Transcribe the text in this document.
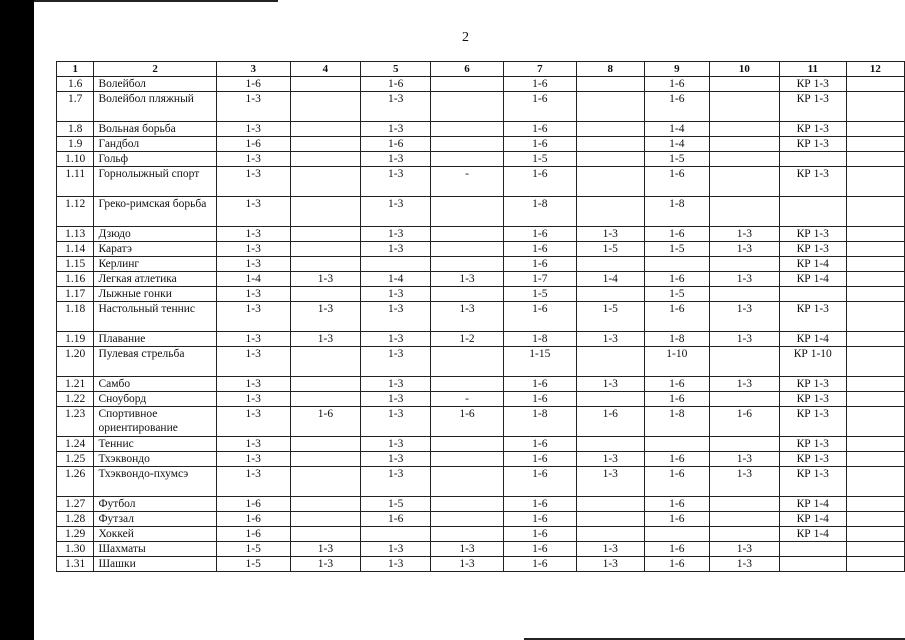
2
1	2	3	4	5	6	7	8	9	10	11	12
1.6	Волейбол	1-6		1-6		1-6		1-6		КР 1-3	
1.7	Волейбол пляжный	1-3		1-3		1-6		1-6		КР 1-3	
1.8	Вольная борьба	1-3		1-3		1-6		1-4		КР 1-3	
1.9	Гандбол	1-6		1-6		1-6		1-4		КР 1-3	
1.10	Гольф	1-3		1-3		1-5		1-5			
1.11	Горнолыжный спорт	1-3		1-3	-	1-6		1-6		КР 1-3	
1.12	Греко-римская борьба	1-3		1-3		1-8		1-8			
1.13	Дзюдо	1-3		1-3		1-6	1-3	1-6	1-3	КР 1-3	
1.14	Каратэ	1-3		1-3		1-6	1-5	1-5	1-3	КР 1-3	
1.15	Керлинг	1-3				1-6				КР 1-4	
1.16	Легкая атлетика	1-4	1-3	1-4	1-3	1-7	1-4	1-6	1-3	КР 1-4	
1.17	Лыжные гонки	1-3		1-3		1-5		1-5			
1.18	Настольный теннис	1-3	1-3	1-3	1-3	1-6	1-5	1-6	1-3	КР 1-3	
1.19	Плавание	1-3	1-3	1-3	1-2	1-8	1-3	1-8	1-3	КР 1-4	
1.20	Пулевая стрельба	1-3		1-3		1-15		1-10		КР 1-10	
1.21	Самбо	1-3		1-3		1-6	1-3	1-6	1-3	КР 1-3	
1.22	Сноуборд	1-3		1-3	-	1-6		1-6		КР 1-3	
1.23	Спортивное ориентирование	1-3	1-6	1-3	1-6	1-8	1-6	1-8	1-6	КР 1-3	
1.24	Теннис	1-3		1-3		1-6				КР 1-3	
1.25	Тхэквондо	1-3		1-3		1-6	1-3	1-6	1-3	КР 1-3	
1.26	Тхэквондо-пхумсэ	1-3		1-3		1-6	1-3	1-6	1-3	КР 1-3	
1.27	Футбол	1-6		1-5		1-6		1-6		КР 1-4	
1.28	Футзал	1-6		1-6		1-6		1-6		КР 1-4	
1.29	Хоккей	1-6				1-6				КР 1-4	
1.30	Шахматы	1-5	1-3	1-3	1-3	1-6	1-3	1-6	1-3		
1.31	Шашки	1-5	1-3	1-3	1-3	1-6	1-3	1-6	1-3		
